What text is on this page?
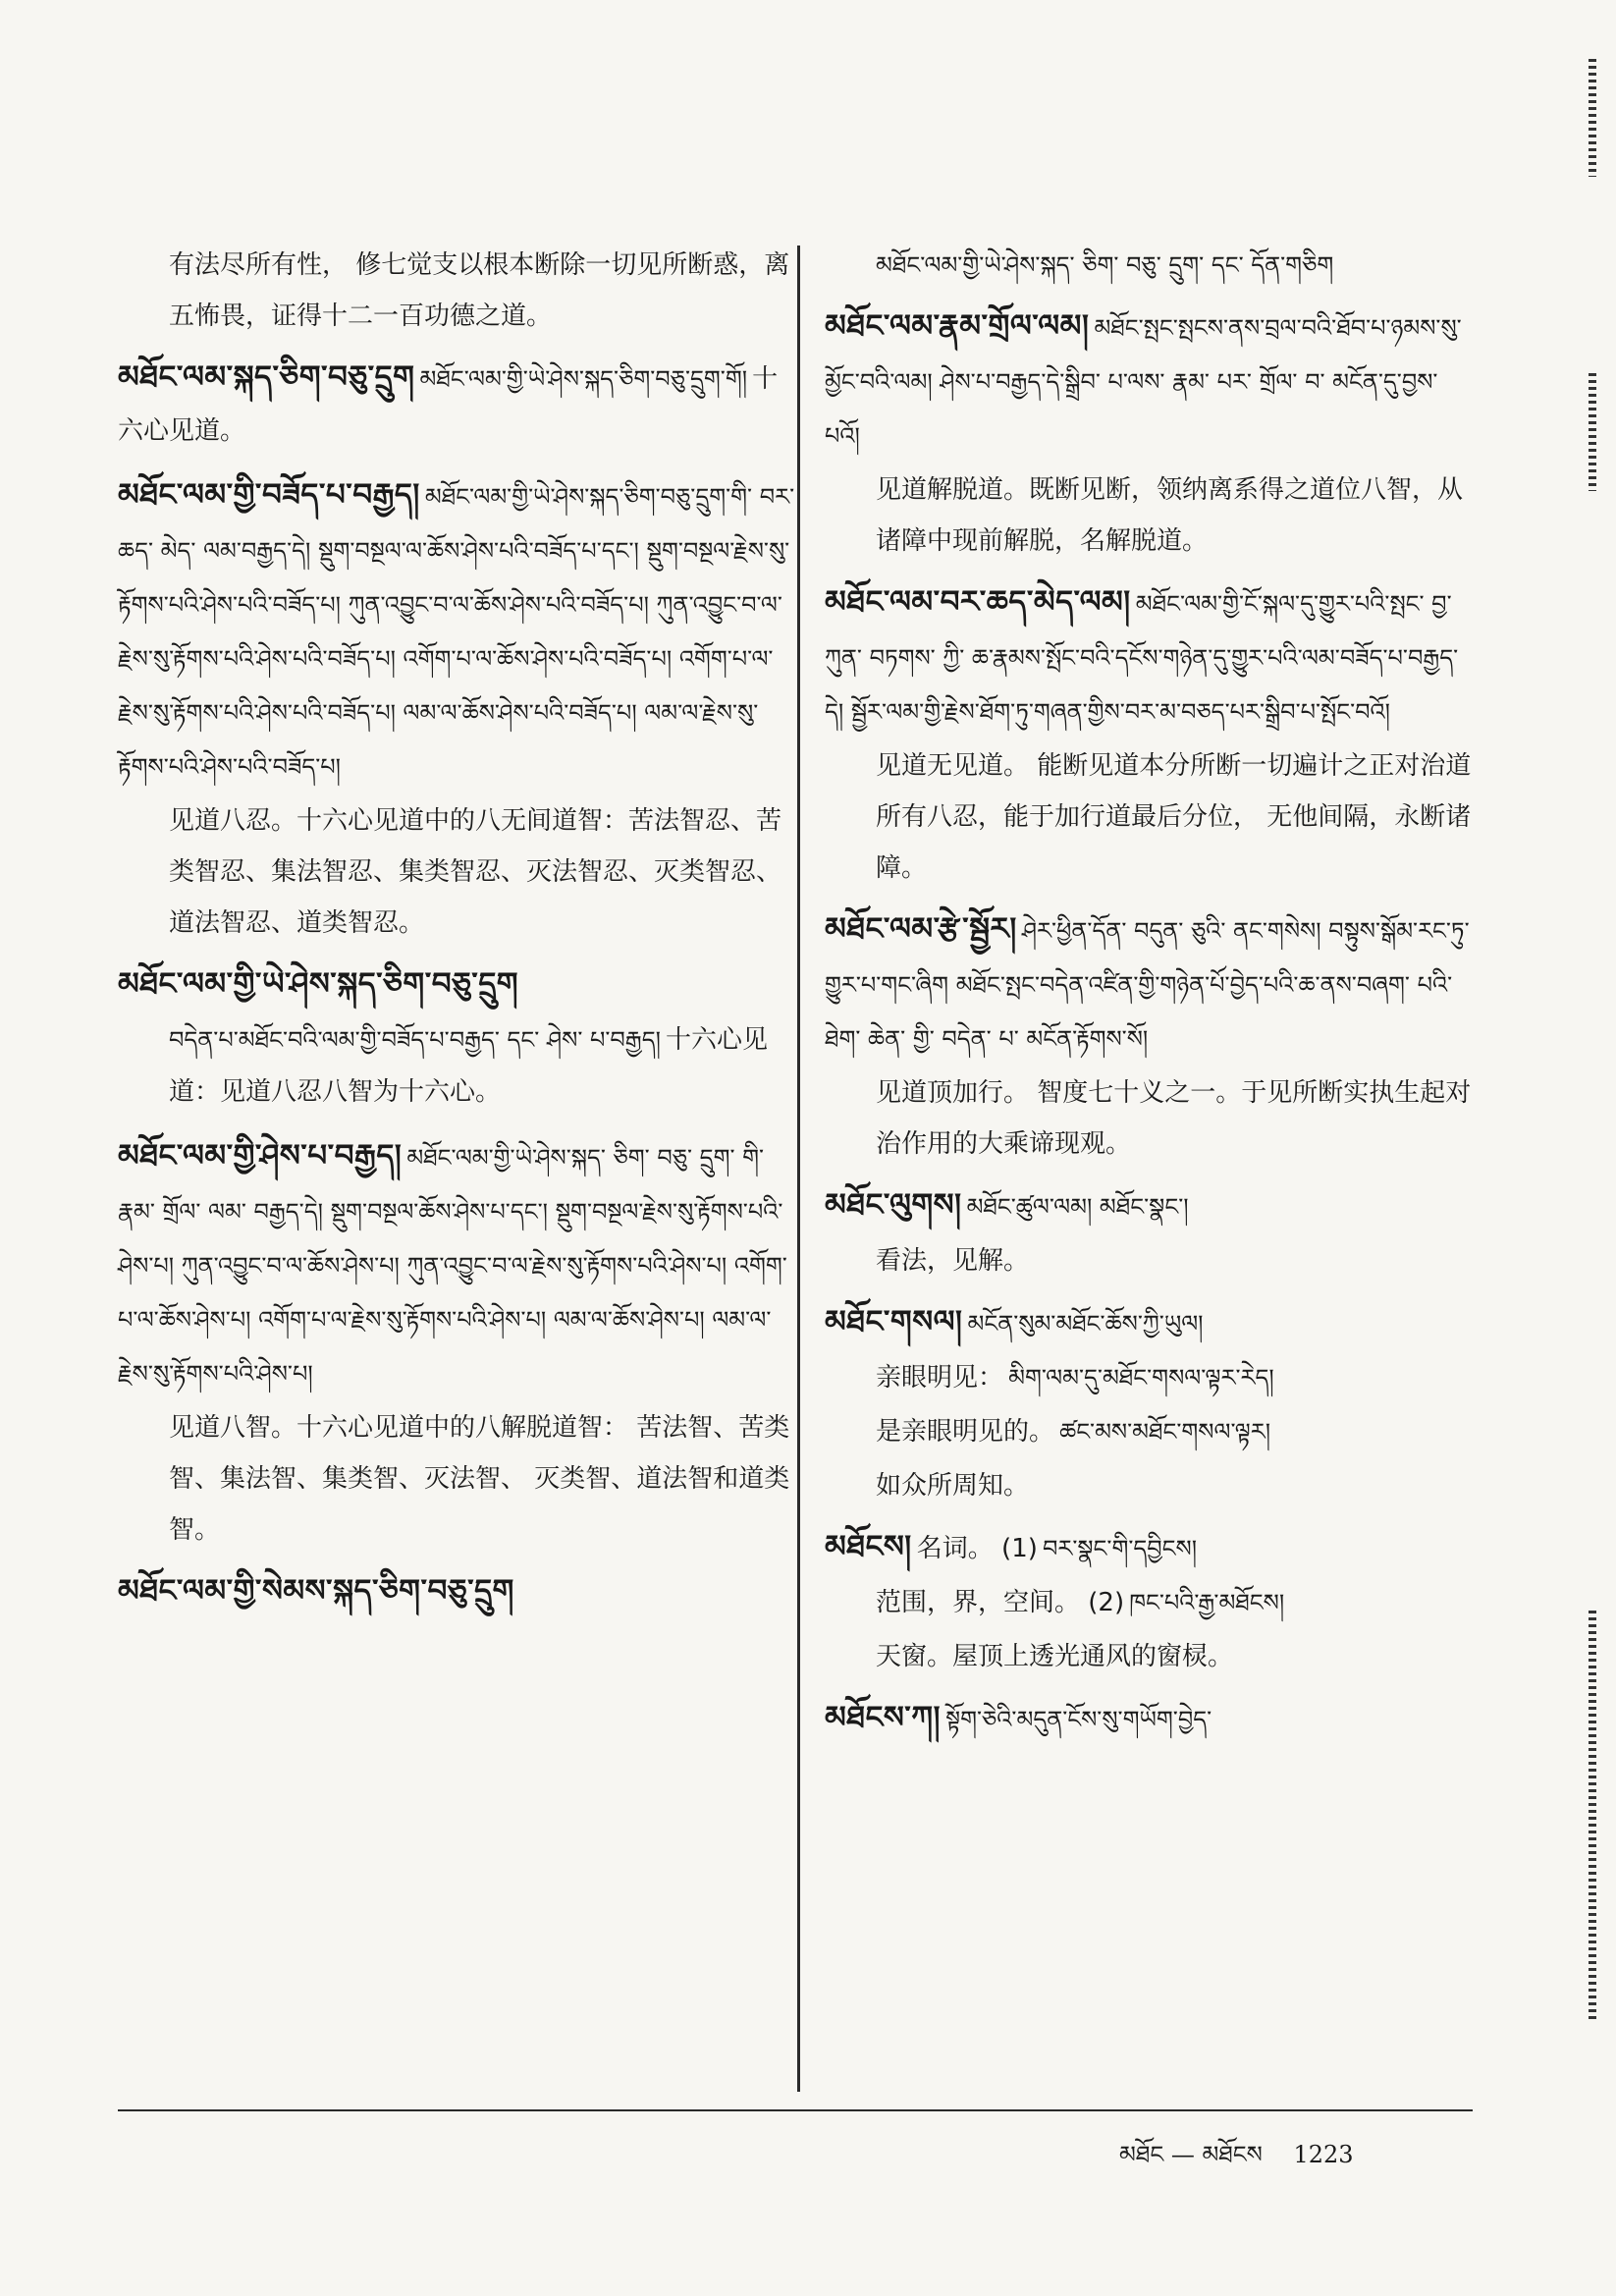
有法尽所有性， 修七觉支以根本断除一切见所断惑，离五怖畏，证得十二一百功德之道。

མཐོང་ལམ་སྐད་ཅིག་བཅུ་དྲུག མཐོང་ལམ་གྱི་ཡེ་ཤེས་སྐད་ཅིག་བཅུ་དྲུག་གོ། 十六心见道。

མཐོང་ལམ་གྱི་བཟོད་པ་བརྒྱད། མཐོང་ལམ་གྱི་ཡེ་ཤེས་སྐད་ཅིག་བཅུ་དྲུག་གི་ བར་ ཆད་ མེད་ ལམ་བརྒྱད་དེ། སྡུག་བསྔལ་ལ་ཆོས་ཤེས་པའི་བཟོད་པ་དང་། སྡུག་བསྔལ་རྗེས་སུ་རྟོགས་པའི་ཤེས་པའི་བཟོད་པ། ཀུན་འབྱུང་བ་ལ་ཆོས་ཤེས་པའི་བཟོད་པ། ཀུན་འབྱུང་བ་ལ་རྗེས་སུ་རྟོགས་པའི་ཤེས་པའི་བཟོད་པ། འགོག་པ་ལ་ཆོས་ཤེས་པའི་བཟོད་པ། འགོག་པ་ལ་རྗེས་སུ་རྟོགས་པའི་ཤེས་པའི་བཟོད་པ། ལམ་ལ་ཆོས་ཤེས་པའི་བཟོད་པ། ལམ་ལ་རྗེས་སུ་རྟོགས་པའི་ཤེས་པའི་བཟོད་པ།

见道八忍。十六心见道中的八无间道智：苦法智忍、苦类智忍、集法智忍、集类智忍、灭法智忍、灭类智忍、道法智忍、道类智忍。

མཐོང་ལམ་གྱི་ཡེ་ཤེས་སྐད་ཅིག་བཅུ་དྲུག

བདེན་པ་མཐོང་བའི་ལམ་གྱི་བཟོད་པ་བརྒྱད་ དང་ ཤེས་ པ་བརྒྱད། 十六心见道：见道八忍八智为十六心。

མཐོང་ལམ་གྱི་ཤེས་པ་བརྒྱད། མཐོང་ལམ་གྱི་ཡེ་ཤེས་སྐད་ ཅིག་ བཅུ་ དྲུག་ གི་ རྣམ་ གྲོལ་ ལམ་ བརྒྱད་དེ། སྡུག་བསྔལ་ཆོས་ཤེས་པ་དང་། སྡུག་བསྔལ་རྗེས་སུ་རྟོགས་པའི་ཤེས་པ། ཀུན་འབྱུང་བ་ལ་ཆོས་ཤེས་པ། ཀུན་འབྱུང་བ་ལ་རྗེས་སུ་རྟོགས་པའི་ཤེས་པ། འགོག་པ་ལ་ཆོས་ཤེས་པ། འགོག་པ་ལ་རྗེས་སུ་རྟོགས་པའི་ཤེས་པ། ལམ་ལ་ཆོས་ཤེས་པ། ལམ་ལ་རྗེས་སུ་རྟོགས་པའི་ཤེས་པ།

见道八智。十六心见道中的八解脱道智： 苦法智、苦类智、集法智、集类智、灭法智、 灭类智、道法智和道类智。

མཐོང་ལམ་གྱི་སེམས་སྐད་ཅིག་བཅུ་དྲུག

མཐོང་ལམ་གྱི་ཡེ་ཤེས་སྐད་ ཅིག་ བཅུ་ དྲུག་ དང་ དོན་གཅིག

མཐོང་ལམ་རྣམ་གྲོལ་ལམ། མཐོང་སྤང་སྤངས་ནས་བྲལ་བའི་ཐོབ་པ་ཉམས་སུ་མྱོང་བའི་ལམ། ཤེས་པ་བརྒྱད་དེ་སྒྲིབ་ པ་ལས་ རྣམ་ པར་ གྲོལ་ བ་ མངོན་དུ་བྱས་པའོ།

见道解脱道。既断见断，领纳离系得之道位八智，从诸障中现前解脱，名解脱道。

མཐོང་ལམ་བར་ཆད་མེད་ལམ། མཐོང་ལམ་གྱི་ངོ་སྐལ་དུ་གྱུར་པའི་སྤང་ བྱ་ ཀུན་ བཏགས་ ཀྱི་ ཆ་རྣམས་སྤོང་བའི་དངོས་གཉེན་དུ་གྱུར་པའི་ལམ་བཟོད་པ་བརྒྱད་དེ། སྦྱོར་ལམ་གྱི་རྗེས་ཐོག་ཏུ་གཞན་གྱིས་བར་མ་བཅད་པར་སྒྲིབ་པ་སྤོང་བའོ།

见道无见道。 能断见道本分所断一切遍计之正对治道所有八忍，能于加行道最后分位， 无他间隔，永断诸障。

མཐོང་ལམ་རྩེ་སྦྱོར། ཤེར་ཕྱིན་དོན་ བདུན་ ཅུའི་ ནང་གསེས། བསྟུས་སྒོམ་རང་ཏུ་གྱུར་པ་གང་ཞིག མཐོང་སྤང་བདེན་འཛིན་གྱི་གཉེན་པོ་བྱེད་པའི་ཆ་ནས་བཞག་ པའི་ ཐེག་ ཆེན་ གྱི་ བདེན་ པ་ མངོན་རྟོགས་སོ།

见道顶加行。 智度七十义之一。于见所断实执生起对治作用的大乘谛现观。

མཐོང་ལུགས། མཐོང་ཚུལ་ལམ། མཐོང་སྣང་།

看法，见解。

མཐོང་གསལ། མངོན་སུམ་མཐོང་ཆོས་ཀྱི་ཡུལ།

亲眼明见： མིག་ལམ་དུ་མཐོང་གསལ་ལྟར་རེད།

是亲眼明见的。 ཚང་མས་མཐོང་གསལ་ལྟར།

如众所周知。

མཐོངས། 名词。 (1) བར་སྣང་གི་དབྱིངས།

范围，界，空间。 (2) ཁང་པའི་རྒྱ་མཐོངས།

天窗。屋顶上透光通风的窗棂。

མཐོངས་ཀ། སྟོག་ཅེའི་མདུན་ངོས་སུ་གཡོག་བྱེད་

མཐོང — མཐོངས 1223
